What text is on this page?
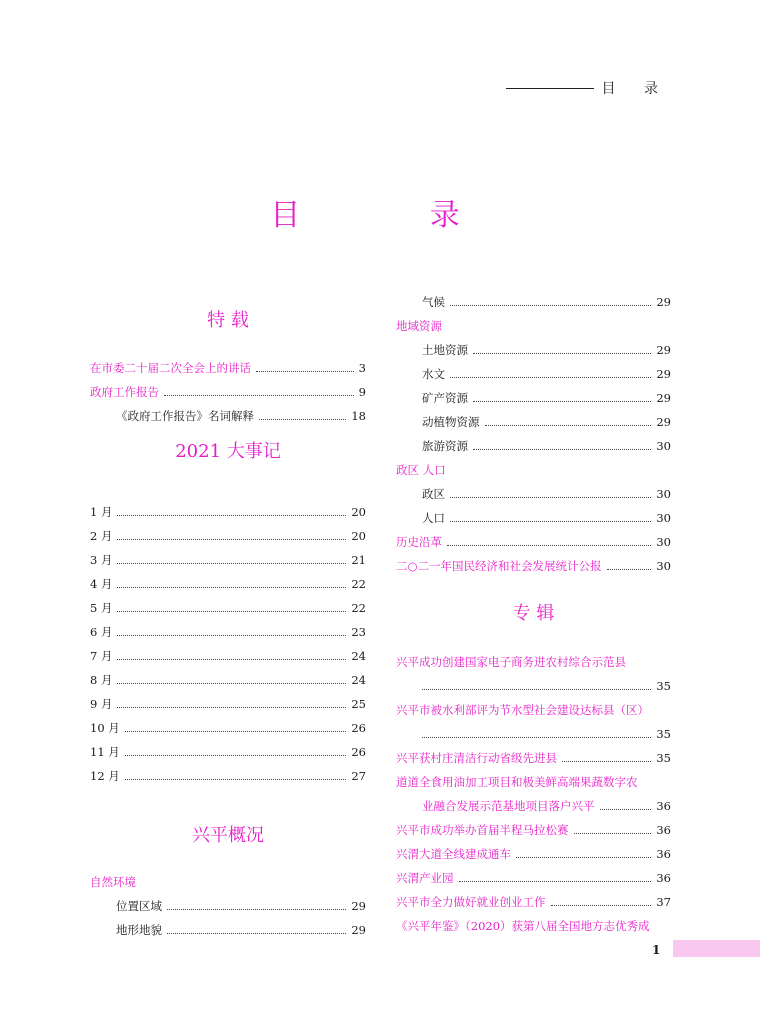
目 录
目 录
特 载
在市委二十届二次全会上的讲话	3
政府工作报告	9
《政府工作报告》名词解释	18
2021 大事记
1 月	20
2 月	20
3 月	21
4 月	22
5 月	22
6 月	23
7 月	24
8 月	24
9 月	25
10 月	26
11 月	26
12 月	27
兴平概况
自然环境
位置区域	29
地形地貌	29
气候	29
地域资源
土地资源	29
水文	29
矿产资源	29
动植物资源	29
旅游资源	30
政区 人口
政区	30
人口	30
历史沿革	30
二○二一年国民经济和社会发展统计公报	30
专 辑
兴平成功创建国家电子商务进农村综合示范县
35
兴平市被水利部评为节水型社会建设达标县（区）
35
兴平获村庄清洁行动省级先进县	35
道道全食用油加工项目和极美鲜高端果蔬数字农
业融合发展示范基地项目落户兴平	36
兴平市成功举办首届半程马拉松赛	36
兴渭大道全线建成通车	36
兴渭产业园	36
兴平市全力做好就业创业工作	37
《兴平年鉴》（2020）获第八届全国地方志优秀成
1
